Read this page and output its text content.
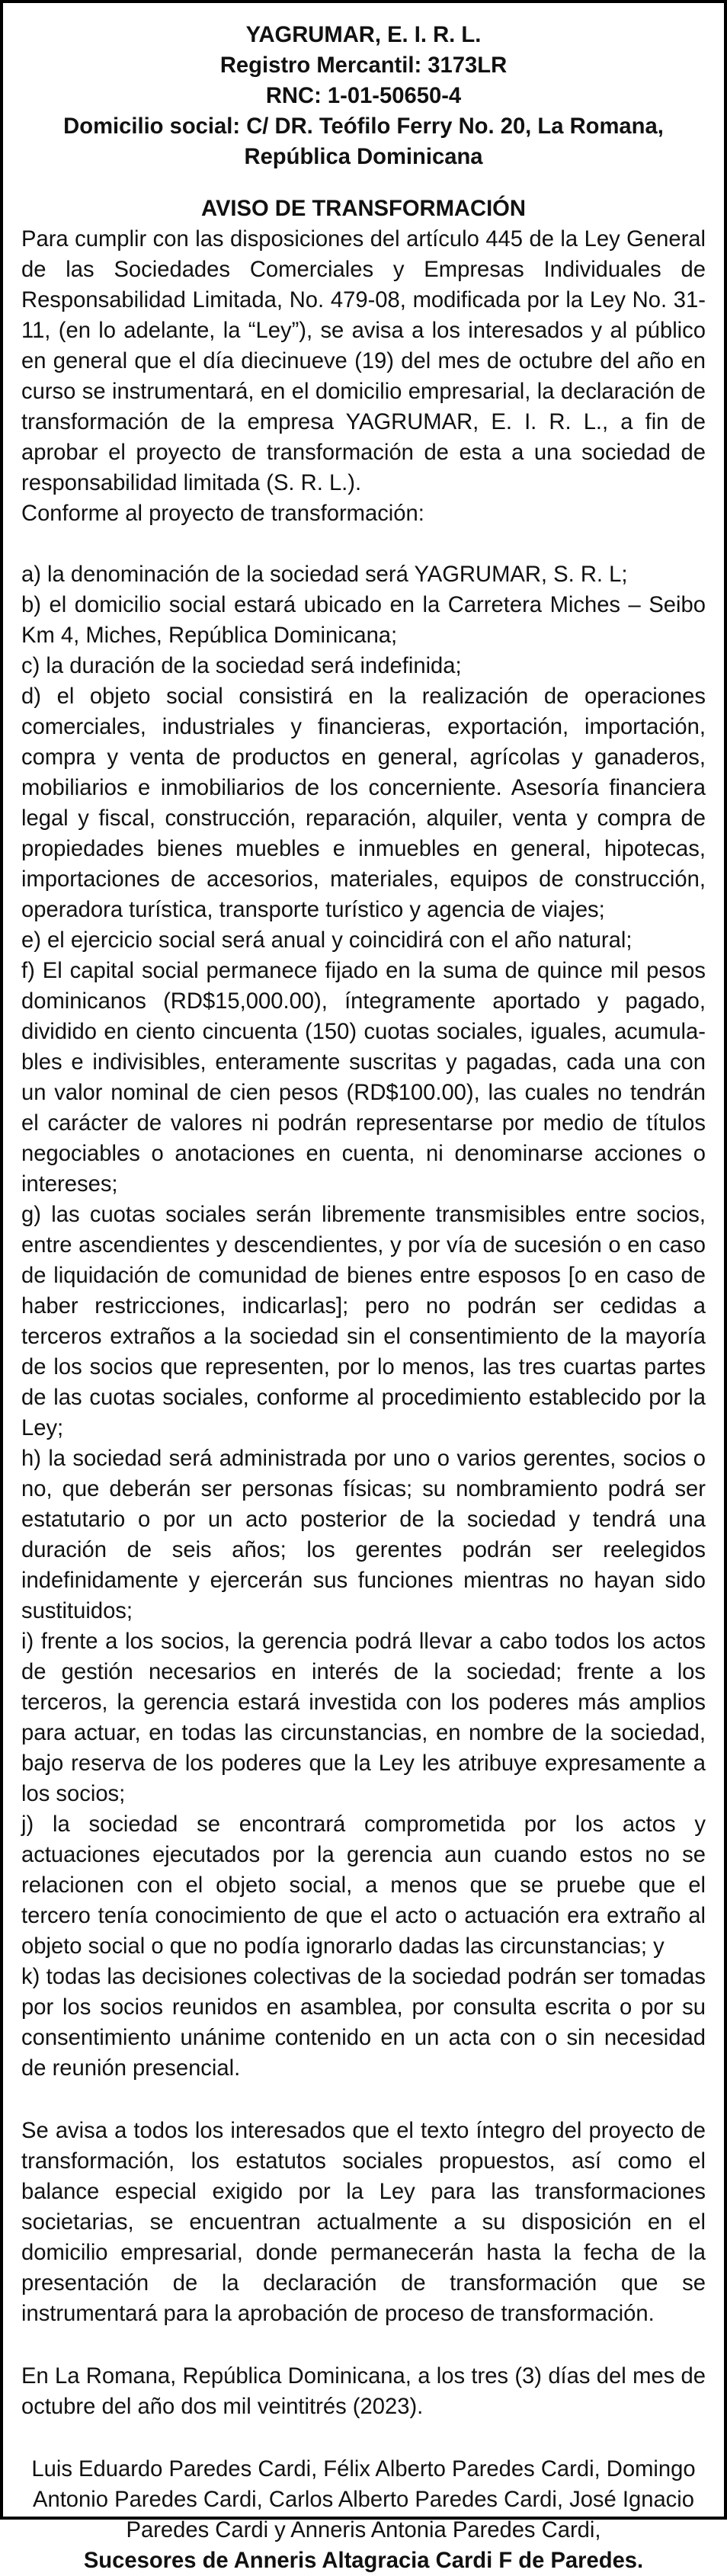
YAGRUMAR, E. I. R. L.

Registro Mercantil: 3173LR

RNC: 1-01-50650-4

Domicilio social: C/ DR. Teófilo Ferry No. 20, La Romana,

República Dominicana

AVISO DE TRANSFORMACIÓN

Para cumplir con las disposiciones del artículo 445 de la Ley General de las Sociedades Comerciales y Empresas Individuales de Responsabilidad Limitada, No. 479-08, modificada por la Ley No. 31-11, (en lo adelante, la “Ley”), se avisa a los interesados y al público en general que el día diecinueve (19) del mes de octubre del año en curso se instrumentará, en el domicilio empresarial, la declaración de transformación de la empresa YAGRUMAR, E. I. R. L., a fin de aprobar el proyecto de transformación de esta a una sociedad de responsabilidad limitada (S. R. L.).

Conforme al proyecto de transformación:

a) la denominación de la sociedad será YAGRUMAR, S. R. L;

b) el domicilio social estará ubicado en la Carretera Miches – Seibo Km 4, Miches, República Dominicana;

c) la duración de la sociedad será indefinida;

d) el objeto social consistirá en la realización de operaciones comerciales, industriales y financieras, exportación, importación, compra y venta de productos en general, agrícolas y ganaderos, mobiliarios e inmobiliarios de los concerniente. Asesoría financiera legal y fiscal, construcción, reparación, alquiler, venta y compra de propiedades bienes muebles e inmuebles en general, hipotecas, importaciones de accesorios, materiales, equipos de construcción, operadora turística, transporte turístico y agencia de viajes;

e) el ejercicio social será anual y coincidirá con el año natural;

f) El capital social permanece fijado en la suma de quince mil pesos dominicanos (RD$15,000.00), íntegramente aportado y pagado, dividido en ciento cincuenta (150) cuotas sociales, iguales, acumulables e indivisibles, enteramente suscritas y pagadas, cada una con un valor nominal de cien pesos (RD$100.00), las cuales no tendrán el carácter de valores ni podrán representarse por medio de títulos negociables o anotaciones en cuenta, ni denominarse acciones o intereses;

g) las cuotas sociales serán libremente transmisibles entre socios, entre ascendientes y descendientes, y por vía de sucesión o en caso de liquidación de comunidad de bienes entre esposos [o en caso de haber restricciones, indicarlas]; pero no podrán ser cedidas a terceros extraños a la sociedad sin el consentimiento de la mayoría de los socios que representen, por lo menos, las tres cuartas partes de las cuotas sociales, conforme al procedimiento establecido por la Ley;

h) la sociedad será administrada por uno o varios gerentes, socios o no, que deberán ser personas físicas; su nombramiento podrá ser estatutario o por un acto posterior de la sociedad y tendrá una duración de seis años; los gerentes podrán ser reelegidos indefinidamente y ejercerán sus funciones mientras no hayan sido sustituidos;

i) frente a los socios, la gerencia podrá llevar a cabo todos los actos de gestión necesarios en interés de la sociedad; frente a los terceros, la gerencia estará investida con los poderes más amplios para actuar, en todas las circunstancias, en nombre de la sociedad, bajo reserva de los poderes que la Ley les atribuye expresamente a los socios;

j) la sociedad se encontrará comprometida por los actos y actuaciones ejecutados por la gerencia aun cuando estos no se relacionen con el objeto social, a menos que se pruebe que el tercero tenía conocimiento de que el acto o actuación era extraño al objeto social o que no podía ignorarlo dadas las circunstancias; y

k) todas las decisiones colectivas de la sociedad podrán ser tomadas por los socios reunidos en asamblea, por consulta escrita o por su consentimiento unánime contenido en un acta con o sin necesidad de reunión presencial.

Se avisa a todos los interesados que el texto íntegro del proyecto de transformación, los estatutos sociales propuestos, así como el balance especial exigido por la Ley para las transformaciones societarias, se encuentran actualmente a su disposición en el domicilio empresarial, donde permanecerán hasta la fecha de la presentación de la declaración de transformación que se instrumentará para la aprobación de proceso de transformación.

En La Romana, República Dominicana, a los tres (3) días del mes de octubre del año dos mil veintitrés (2023).

Luis Eduardo Paredes Cardi, Félix Alberto Paredes Cardi, Domingo Antonio Paredes Cardi, Carlos Alberto Paredes Cardi, José Ignacio Paredes Cardi y Anneris Antonia Paredes Cardi,

Sucesores de Anneris Altagracia Cardi F de Paredes.
